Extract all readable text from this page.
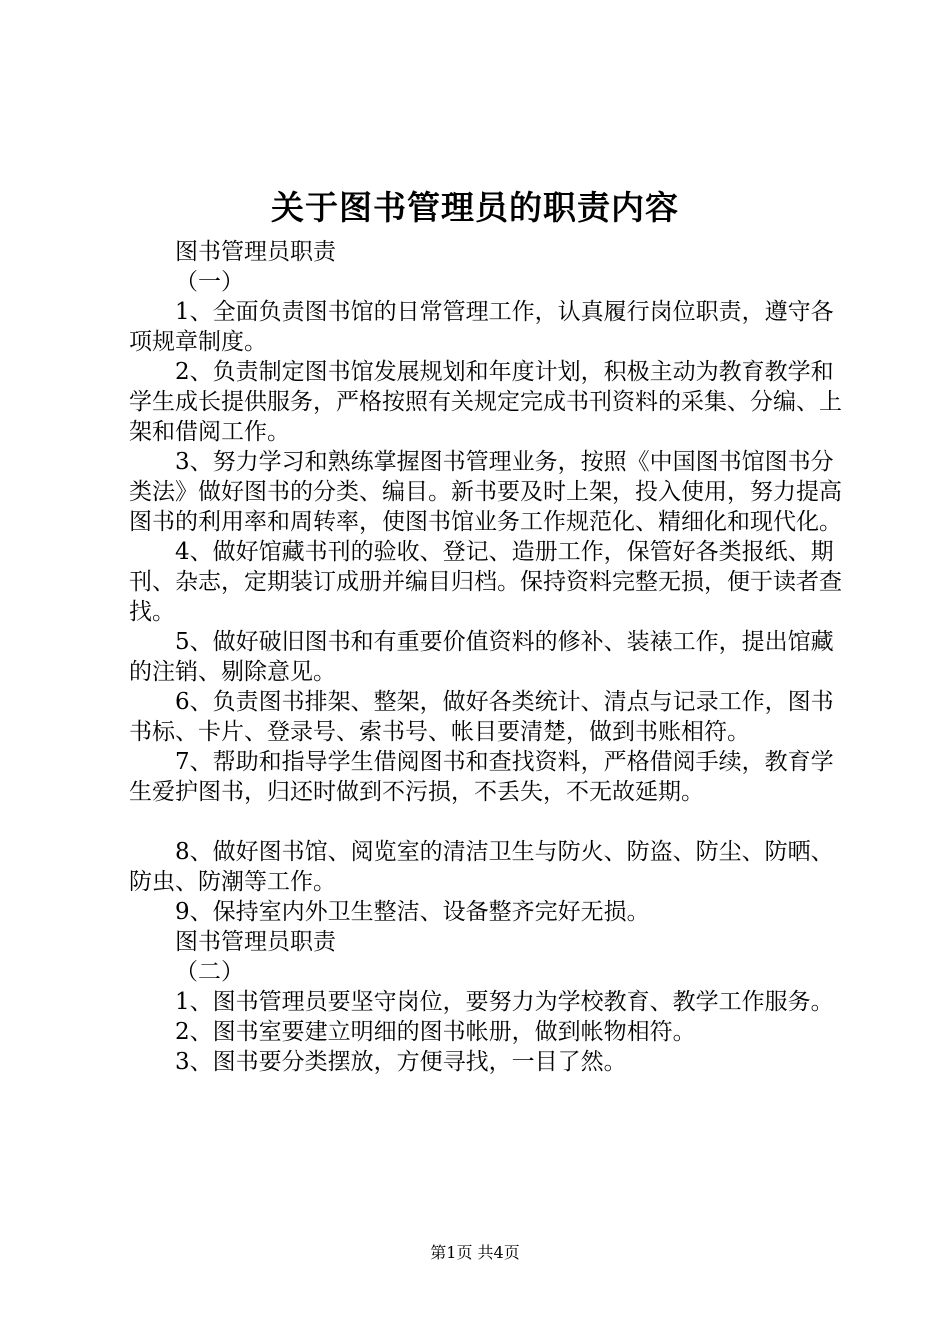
关于图书管理员的职责内容

图书管理员职责

（一）

1、全面负责图书馆的日常管理工作，认真履行岗位职责，遵守各项规章制度。

2、负责制定图书馆发展规划和年度计划，积极主动为教育教学和学生成长提供服务，严格按照有关规定完成书刊资料的采集、分编、上架和借阅工作。

3、努力学习和熟练掌握图书管理业务，按照《中国图书馆图书分类法》做好图书的分类、编目。新书要及时上架，投入使用，努力提高图书的利用率和周转率，使图书馆业务工作规范化、精细化和现代化。

4、做好馆藏书刊的验收、登记、造册工作，保管好各类报纸、期刊、杂志，定期装订成册并编目归档。保持资料完整无损，便于读者查找。

5、做好破旧图书和有重要价值资料的修补、装裱工作，提出馆藏的注销、剔除意见。

6、负责图书排架、整架，做好各类统计、清点与记录工作，图书书标、卡片、登录号、索书号、帐目要清楚，做到书账相符。

7、帮助和指导学生借阅图书和查找资料，严格借阅手续，教育学生爱护图书，归还时做到不污损，不丢失，不无故延期。

8、做好图书馆、阅览室的清洁卫生与防火、防盗、防尘、防晒、防虫、防潮等工作。

9、保持室内外卫生整洁、设备整齐完好无损。

图书管理员职责

（二）

1、图书管理员要坚守岗位，要努力为学校教育、教学工作服务。

2、图书室要建立明细的图书帐册，做到帐物相符。

3、图书要分类摆放，方便寻找，一目了然。

第1页 共4页
